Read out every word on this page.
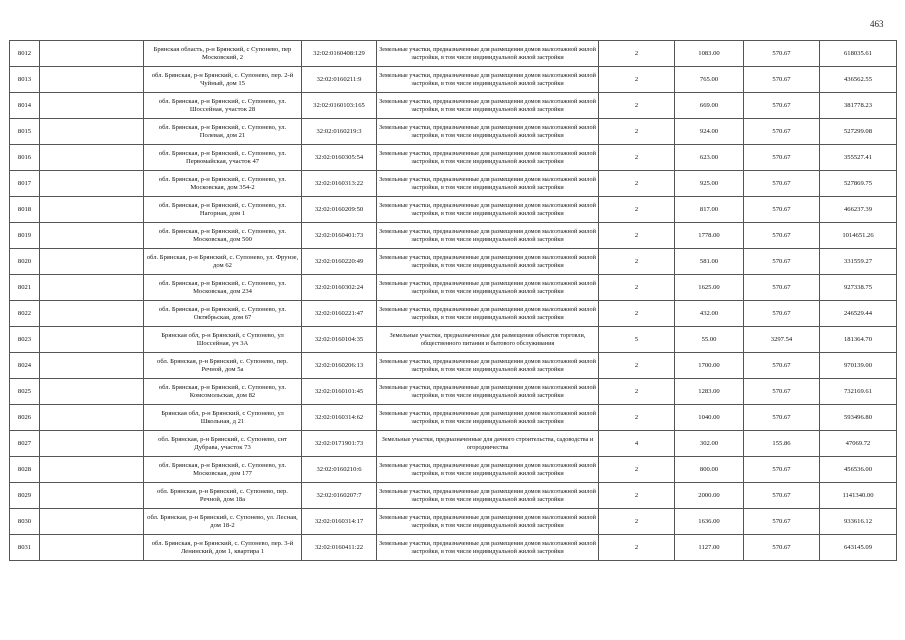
463
8012		Брянская область, р-н Брянский, с Супонево, пер Московский, 2	32:02:0160408:129	Земельные участки, предназначенные для размещения домов малоэтажной жилой застройки, в том числе индивидуальной жилой застройки	2	1083.00	570.67	618035.61
8013		обл. Брянская, р-н Брянский, с. Супонево, пер. 2-й Чуйный, дом 15	32:02:0160211:9	Земельные участки, предназначенные для размещения домов малоэтажной жилой застройки, в том числе индивидуальной жилой застройки	2	765.00	570.67	436562.55
8014		обл. Брянская, р-н Брянский, с. Супонево, ул. Шоссейная, участок 28	32:02:0160103:165	Земельные участки, предназначенные для размещения домов малоэтажной жилой застройки, в том числе индивидуальной жилой застройки	2	669.00	570.67	381778.23
8015		обл. Брянская, р-н Брянский, с. Супонево, ул. Полевая, дом 21	32:02:0160219:3	Земельные участки, предназначенные для размещения домов малоэтажной жилой застройки, в том числе индивидуальной жилой застройки	2	924.00	570.67	527299.08
8016		обл. Брянская, р-н Брянский, с. Супонево, ул. Первомайская, участок 47	32:02:0160305:54	Земельные участки, предназначенные для размещения домов малоэтажной жилой застройки, в том числе индивидуальной жилой застройки	2	623.00	570.67	355527.41
8017		обл. Брянская, р-н Брянский, с. Супонево, ул. Московская, дом 354-2	32:02:0160313:22	Земельные участки, предназначенные для размещения домов малоэтажной жилой застройки, в том числе индивидуальной жилой застройки	2	925.00	570.67	527869.75
8018		обл. Брянская, р-н Брянский, с. Супонево, ул. Нагорная, дом 1	32:02:0160209:50	Земельные участки, предназначенные для размещения домов малоэтажной жилой застройки, в том числе индивидуальной жилой застройки	2	817.00	570.67	466237.39
8019		обл. Брянская, р-н Брянский, с. Супонево, ул. Московская, дом 500	32:02:0160401:73	Земельные участки, предназначенные для размещения домов малоэтажной жилой застройки, в том числе индивидуальной жилой застройки	2	1778.00	570.67	1014651.26
8020		обл. Брянская, р-н Брянский, с. Супонево, ул. Фрунзе, дом 62	32:02:0160220:49	Земельные участки, предназначенные для размещения домов малоэтажной жилой застройки, в том числе индивидуальной жилой застройки	2	581.00	570.67	331559.27
8021		обл. Брянская, р-н Брянский, с. Супонево, ул. Московская, дом 234	32:02:0160302:24	Земельные участки, предназначенные для размещения домов малоэтажной жилой застройки, в том числе индивидуальной жилой застройки	2	1625.00	570.67	927338.75
8022		обл. Брянская, р-н Брянский, с. Супонево, ул. Октябрьская, дом 67	32:02:0160221:47	Земельные участки, предназначенные для размещения домов малоэтажной жилой застройки, в том числе индивидуальной жилой застройки	2	432.00	570.67	246529.44
8023		Брянская обл, р-н Брянский, с Супонево, ул Шоссейная, уч 3А	32:02:0160104:35	Земельные участки, предназначенные для размещения объектов торговли, общественного питания и бытового обслуживания	5	55.00	3297.54	181364.70
8024		обл. Брянская, р-н Брянский, с. Супонево, пер. Речной, дом 5а	32:02:0160206:13	Земельные участки, предназначенные для размещения домов малоэтажной жилой застройки, в том числе индивидуальной жилой застройки	2	1700.00	570.67	970139.00
8025		обл. Брянская, р-н Брянский, с. Супонево, ул. Комсомольская, дом 82	32:02:0160101:45	Земельные участки, предназначенные для размещения домов малоэтажной жилой застройки, в том числе индивидуальной жилой застройки	2	1283.00	570.67	732169.61
8026		Брянская обл, р-н Брянский, с Супонево, ул Школьная, д 21	32:02:0160314:62	Земельные участки, предназначенные для размещения домов малоэтажной жилой застройки, в том числе индивидуальной жилой застройки	2	1040.00	570.67	593496.80
8027		обл. Брянская, р-н Брянский, с. Супонево, снт Дубрава, участок 73	32:02:0171901:73	Земельные участки, предназначенные для дачного строительства, садоводства и огородничества	4	302.00	155.86	47069.72
8028		обл. Брянская, р-н Брянский, с. Супонево, ул. Московская, дом 177	32:02:0160210:6	Земельные участки, предназначенные для размещения домов малоэтажной жилой застройки, в том числе индивидуальной жилой застройки	2	800.00	570.67	456536.00
8029		обл. Брянская, р-н Брянский, с. Супонево, пер. Речной, дом 18а	32:02:0160207:7	Земельные участки, предназначенные для размещения домов малоэтажной жилой застройки, в том числе индивидуальной жилой застройки	2	2000.00	570.67	1141340.00
8030		обл. Брянская, р-н Брянский, с. Супонево, ул. Лесная, дом 18-2	32:02:0160314:17	Земельные участки, предназначенные для размещения домов малоэтажной жилой застройки, в том числе индивидуальной жилой застройки	2	1636.00	570.67	933616.12
8031		обл. Брянская, р-н Брянский, с. Супонево, пер. 3-й Ленинский, дом 1, квартира 1	32:02:0160411:22	Земельные участки, предназначенные для размещения домов малоэтажной жилой застройки, в том числе индивидуальной жилой застройки	2	1127.00	570.67	643145.09
